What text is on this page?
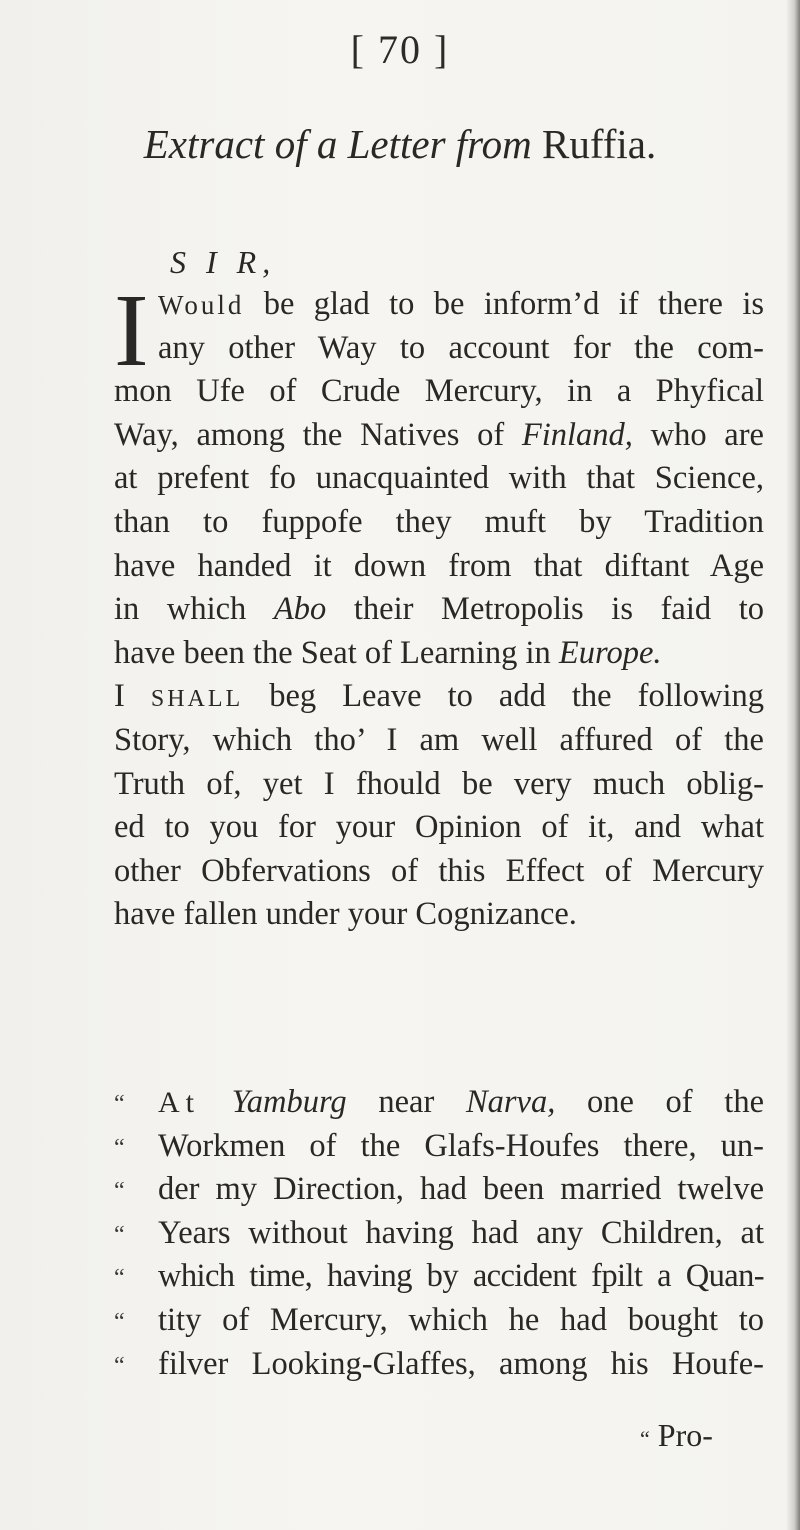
[ 70 ]
Extract of a Letter from Ruffia.
S I R,
I Would be glad to be inform’d if there is
any other Way to account for the com-
mon Ufe of Crude Mercury, in a Phyfical
Way, among the Natives of Finland, who are
at prefent fo unacquainted with that Science,
than to fuppofe they muft by Tradition
have handed it down from that diftant Age
in which Abo their Metropolis is faid to
have been the Seat of Learning in Europe.
I SHALL beg Leave to add the following
Story, which tho’ I am well affured of the
Truth of, yet I fhould be very much oblig-
ed to you for your Opinion of it, and what
other Obfervations of this Effect of Mercury
have fallen under your Cognizance.
“	At Yamburg near Narva, one of the
“	Workmen of the Glafs-Houfes there, un-
“	der my Direction, had been married twelve
“	Years without having had any Children, at
“	which time, having by accident fpilt a Quan-
“	tity of Mercury, which he had bought to
“	filver Looking-Glaffes, among his Houfe-
“ Pro-
